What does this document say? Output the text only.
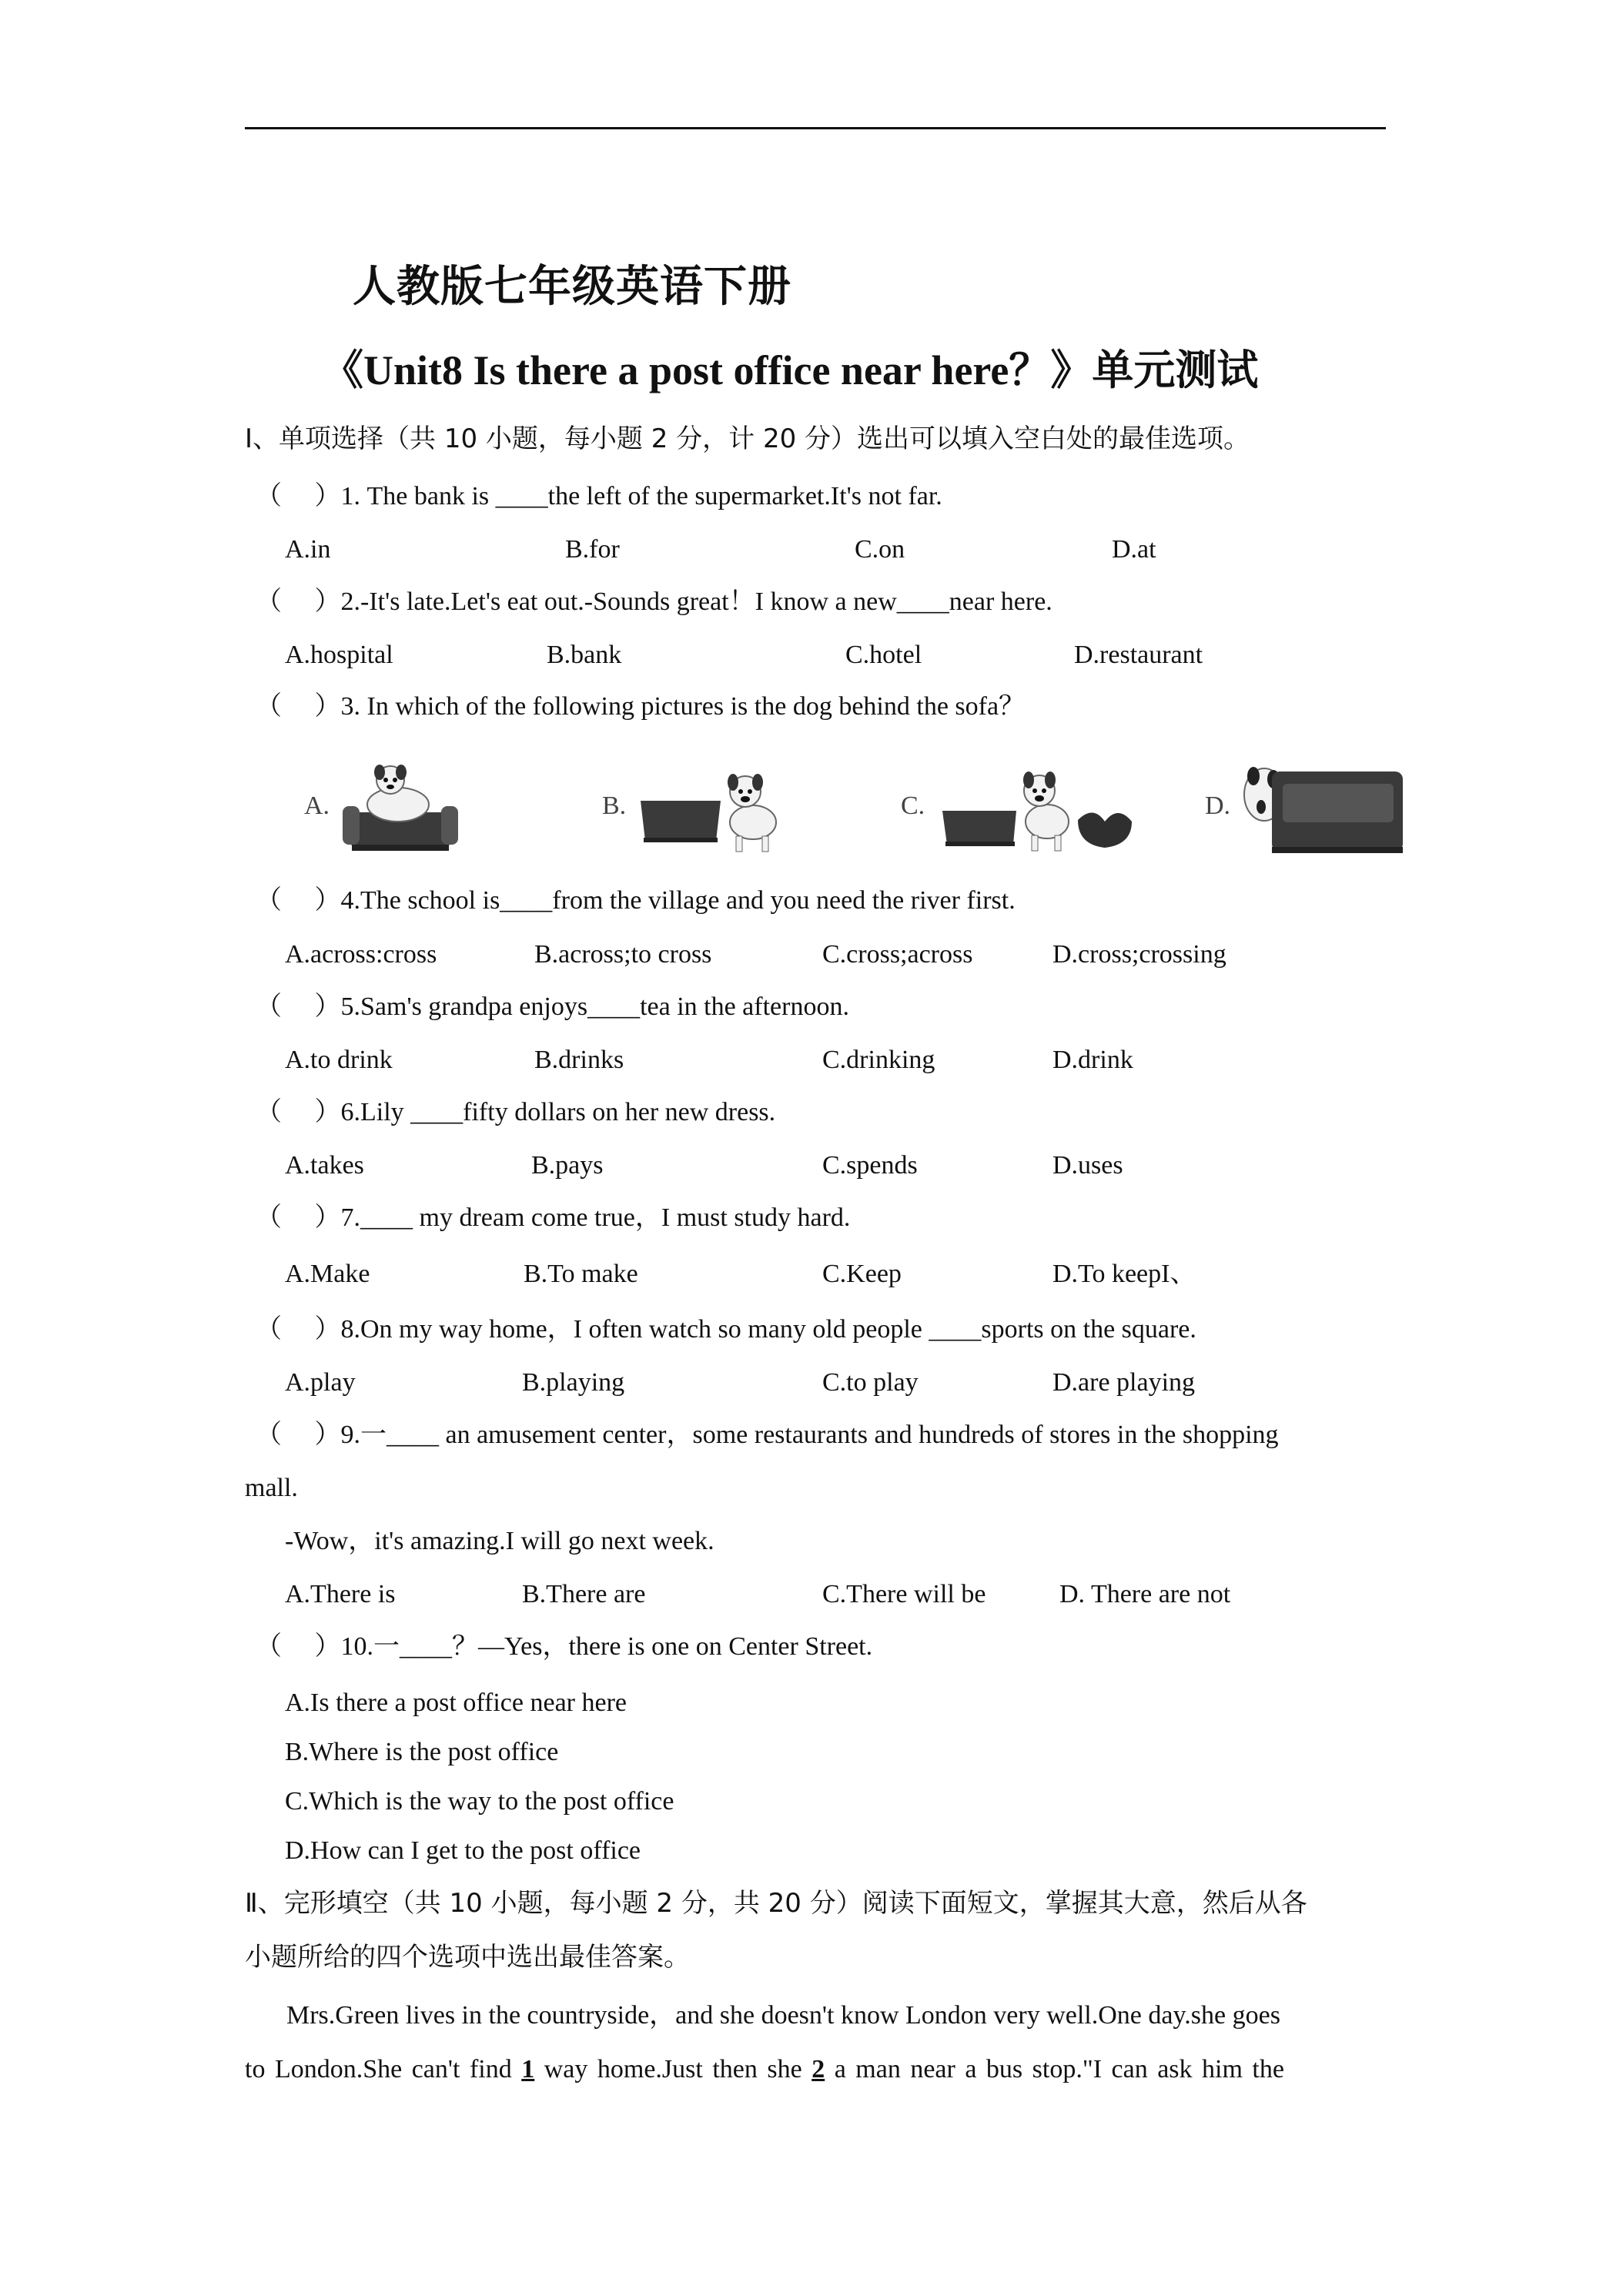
人教版七年级英语下册
《Unit8 Is there a post office near here？》单元测试
I、单项选择（共 10 小题，每小题 2 分，计 20 分）选出可以填入空白处的最佳选项。
（　 ）1. The bank is ____the left of the supermarket.It's not far.
A.in	B.for	C.on	D.at
（　 ）2.-It's late.Let's eat out.-Sounds great！I know a new____near here.
A.hospital	B.bank	C.hotel	D.restaurant
（　 ）3. In which of the following pictures is the dog behind the sofa？
A.	B.	C.	D.
（　 ）4.The school is____from the village and you need the river first.
A.across:cross	B.across;to cross	C.cross;across	D.cross;crossing
（　 ）5.Sam's grandpa enjoys____tea in the afternoon.
A.to drink	B.drinks	C.drinking	D.drink
（　 ）6.Lily ____fifty dollars on her new dress.
A.takes	B.pays	C.spends	D.uses
（　 ）7.____ my dream come true，I must study hard.
A.Make	B.To make	C.Keep	D.To keepI、
（　 ）8.On my way home，I often watch so many old people ____sports on the square.
A.play	B.playing	C.to play	D.are playing
（　 ）9.一____ an amusement center，some restaurants and hundreds of stores in the shopping
mall.
-Wow，it's amazing.I will go next week.
A.There is	B.There are	C.There will be	D. There are not
（　 ）10.一____？—Yes，there is one on Center Street.
A.Is there a post office near here
B.Where is the post office
C.Which is the way to the post office
D.How can I get to the post office
Ⅱ、完形填空（共 10 小题，每小题 2 分，共 20 分）阅读下面短文，掌握其大意，然后从各
小题所给的四个选项中选出最佳答案。
Mrs.Green lives in the countryside，and she doesn't know London very well.One day.she goes
to London.She can't find 1 way home.Just then she 2 a man near a bus stop."I can ask him the
